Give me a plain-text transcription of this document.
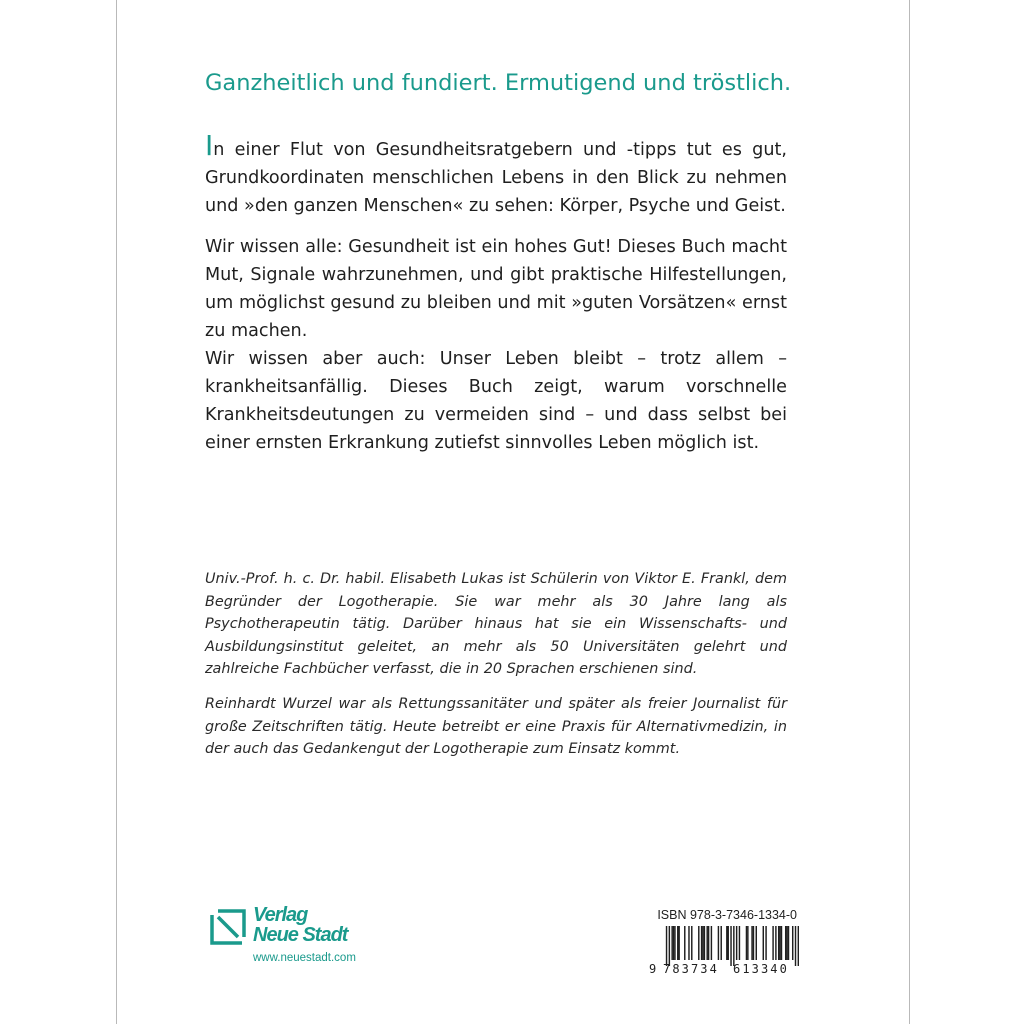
Ganzheitlich und fundiert. Ermutigend und tröstlich.

In einer Flut von Gesundheitsratgebern und -tipps tut es gut, Grundkoordinaten menschlichen Lebens in den Blick zu nehmen und »den ganzen Menschen« zu sehen: Körper, Psyche und Geist.

Wir wissen alle: Gesundheit ist ein hohes Gut! Dieses Buch macht Mut, Signale wahrzunehmen, und gibt praktische Hilfestellungen, um möglichst gesund zu bleiben und mit »guten Vorsätzen« ernst zu machen.

Wir wissen aber auch: Unser Leben bleibt – trotz allem – krankheitsanfällig. Dieses Buch zeigt, warum vorschnelle Krankheitsdeutungen zu vermeiden sind – und dass selbst bei einer ernsten Erkrankung zutiefst sinnvolles Leben möglich ist.

Univ.-Prof. h. c. Dr. habil. Elisabeth Lukas ist Schülerin von Viktor E. Frankl, dem Begründer der Logotherapie. Sie war mehr als 30 Jahre lang als Psychotherapeutin tätig. Darüber hinaus hat sie ein Wissenschafts- und Ausbildungsinstitut geleitet, an mehr als 50 Universitäten gelehrt und zahlreiche Fachbücher verfasst, die in 20 Sprachen erschienen sind.

Reinhardt Wurzel war als Rettungssanitäter und später als freier Journalist für große Zeitschriften tätig. Heute betreibt er eine Praxis für Alternativmedizin, in der auch das Gedankengut der Logotherapie zum Einsatz kommt.

Verlag
Neue Stadt
www.neuestadt.com
ISBN 978-3-7346-1334-0
9 783734 613340
